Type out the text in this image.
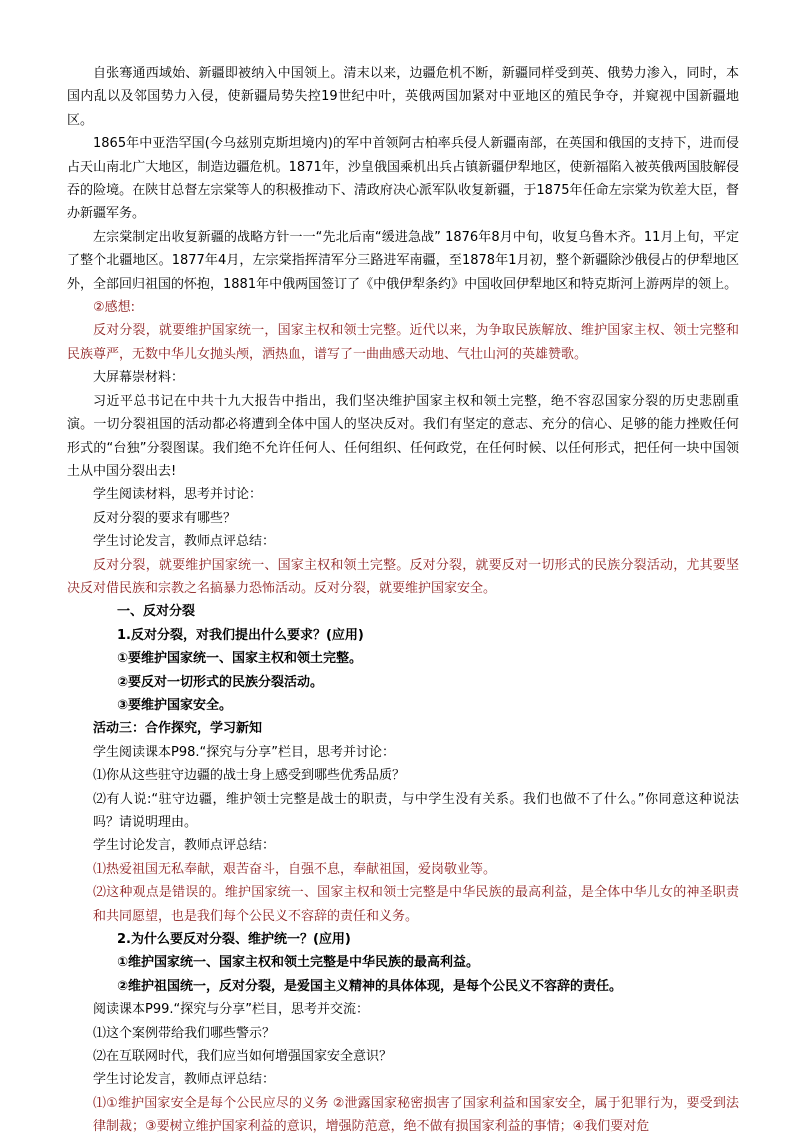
自张骞通西域始、新疆即被纳入中国领上。清末以来，边疆危机不断，新疆同样受到英、俄势力渗入，同时，本国内乱以及邻国势力入侵，使新疆局势失控19世纪中叶，英俄两国加紧对中亚地区的殖民争夺，并窥视中国新疆地区。

1865年中亚浩罕国(今乌兹别克斯坦境内)的军中首领阿古柏率兵侵人新疆南部，在英国和俄国的支持下，进而侵占天山南北广大地区，制造边疆危机。1871年，沙皇俄国乘机出兵占镇新疆伊犁地区，使新福陷入被英俄两国肢解侵吞的险境。在陕甘总督左宗棠等人的积极推动下、清政府决心派军队收复新疆，于1875年任命左宗棠为钦差大臣，督办新疆军务。

左宗棠制定出收复新疆的战略方针一一“先北后南“缓进急战” 1876年8月中旬，收复乌鲁木齐。11月上旬，平定了整个北疆地区。1877年4月，左宗棠指挥清军分三路进军南疆，至1878年1月初，整个新疆除沙俄侵占的伊犁地区外，全部回归祖国的怀抱，1881年中俄两国签订了《中俄伊犁条约》中国收回伊犁地区和特克斯河上游两岸的领上。

②感想:

反对分裂，就要维护国家统一，国家主权和领士完整。近代以来，为争取民族解放、维护国家主权、领士完整和民族尊严，无数中华儿女抛头颅，洒热血，谱写了一曲曲感天动地、气壮山河的英雄赞歌。

大屏幕崇材料：

习近平总书记在中共十九大报告中指出，我们坚决维护国家主权和领土完整，绝不容忍国家分裂的历史悲剧重演。一切分裂祖国的活动都必将遭到全体中国人的坚决反对。我们有坚定的意志、充分的信心、足够的能力挫败任何形式的“台独”分裂图谋。我们绝不允许任何人、任何组织、任何政党，在任何时候、以任何形式，把任何一块中国领土从中国分裂出去!

学生阅读材料，思考并讨论：

反对分裂的要求有哪些？

学生讨论发言，教师点评总结：

反对分裂，就要维护国家统一、国家主权和领土完整。反对分裂，就要反对一切形式的民族分裂活动，尤其要坚决反对借民族和宗教之名搞暴力恐怖活动。反对分裂，就要维护国家安全。

一、反对分裂

1.反对分裂，对我们提出什么要求？(应用)

①要维护国家统一、国家主权和领土完整。

②要反对一切形式的民族分裂活动。

③要维护国家安全。

活动三：合作探究，学习新知

学生阅读课本P98.“探究与分享”栏目，思考并讨论：

⑴你从这些驻守边疆的战士身上感受到哪些优秀品质？

⑵有人说:“驻守边疆，维护领士完整是战士的职责，与中学生没有关系。我们也做不了什么。”你同意这种说法吗？请说明理由。

学生讨论发言，教师点评总结：

⑴热爱祖国无私奉献，艰苦奋斗，自强不息，奉献祖国，爱岗敬业等。

⑵这种观点是错误的。维护国家统一、国家主权和领士完整是中华民族的最高利益，是全体中华儿女的神圣职责和共同愿望，也是我们每个公民义不容辞的责任和义务。

2.为什么要反对分裂、维护统一？(应用)

①维护国家统一、国家主权和领土完整是中华民族的最高利益。

②维护祖国统一，反对分裂，是爱国主义精神的具体体现，是每个公民义不容辞的责任。

阅读课本P99.“探究与分享”栏目，思考并交流：

⑴这个案例带给我们哪些警示？

⑵在互联网时代，我们应当如何增强国家安全意识？

学生讨论发言，教师点评总结：

⑴①维护国家安全是每个公民应尽的义务 ②泄露国家秘密损害了国家利益和国家安全，属于犯罪行为，要受到法律制裁；③要树立维护国家利益的意识，增强防范意，绝不做有损国家利益的事情；④我们要对危
